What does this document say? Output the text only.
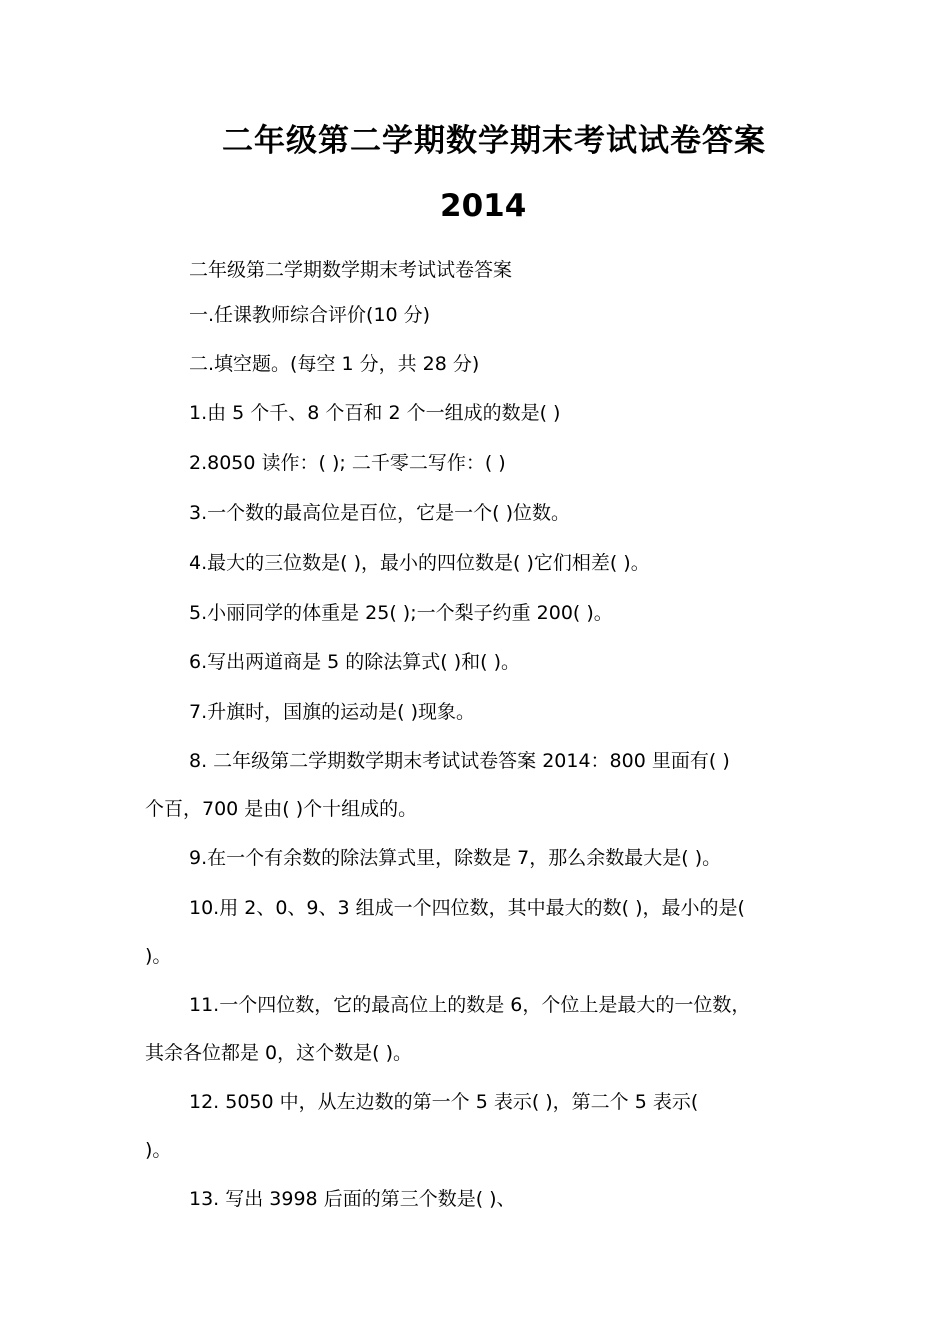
二年级第二学期数学期末考试试卷答案
2014
二年级第二学期数学期末考试试卷答案
一.任课教师综合评价(10 分)
二.填空题。(每空 1 分，共 28 分)
1.由 5 个千、8 个百和 2 个一组成的数是( )
2.8050 读作：( ); 二千零二写作：( )
3.一个数的最高位是百位，它是一个( )位数。
4.最大的三位数是( )，最小的四位数是( )它们相差( )。
5.小丽同学的体重是 25( );一个梨子约重 200( )。
6.写出两道商是 5 的除法算式( )和( )。
7.升旗时，国旗的运动是( )现象。
8. 二年级第二学期数学期末考试试卷答案 2014：800 里面有( )
个百，700 是由( )个十组成的。
9.在一个有余数的除法算式里，除数是 7，那么余数最大是( )。
10.用 2、0、9、3 组成一个四位数，其中最大的数( )，最小的是(
)。
11.一个四位数，它的最高位上的数是 6，个位上是最大的一位数，
其余各位都是 0，这个数是( )。
12. 5050 中，从左边数的第一个 5 表示( )，第二个 5 表示(
)。
13. 写出 3998 后面的第三个数是( )、
